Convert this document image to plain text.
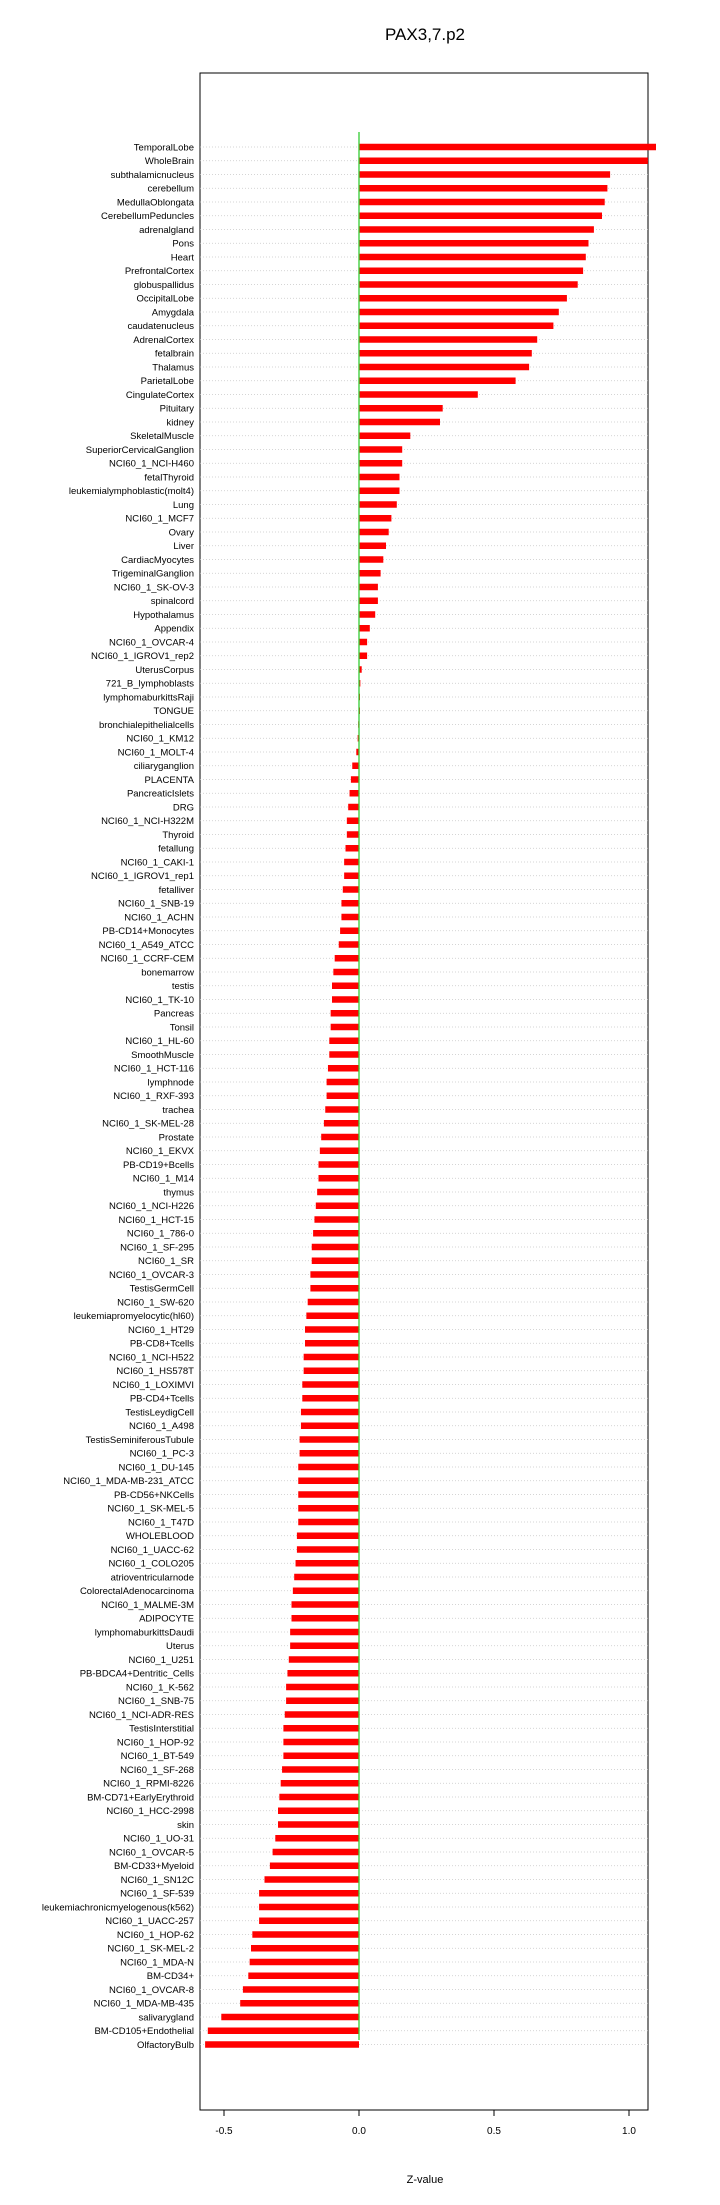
PAX3,7.p2
TemporalLobe
WholeBrain
subthalamicnucleus
cerebellum
MedullaOblongata
CerebellumPeduncles
adrenalgland
Pons
Heart
PrefrontalCortex
globuspallidus
OccipitalLobe
Amygdala
caudatenucleus
AdrenalCortex
fetalbrain
Thalamus
ParietalLobe
CingulateCortex
Pituitary
kidney
SkeletalMuscle
SuperiorCervicalGanglion
NCI60_1_NCI-H460
fetalThyroid
leukemialymphoblastic(molt4)
Lung
NCI60_1_MCF7
Ovary
Liver
CardiacMyocytes
TrigeminalGanglion
NCI60_1_SK-OV-3
spinalcord
Hypothalamus
Appendix
NCI60_1_OVCAR-4
NCI60_1_IGROV1_rep2
UterusCorpus
721_B_lymphoblasts
lymphomaburkittsRaji
TONGUE
bronchialepithelialcells
NCI60_1_KM12
NCI60_1_MOLT-4
ciliaryganglion
PLACENTA
PancreaticIslets
DRG
NCI60_1_NCI-H322M
Thyroid
fetallung
NCI60_1_CAKI-1
NCI60_1_IGROV1_rep1
fetalliver
NCI60_1_SNB-19
NCI60_1_ACHN
PB-CD14+Monocytes
NCI60_1_A549_ATCC
NCI60_1_CCRF-CEM
bonemarrow
testis
NCI60_1_TK-10
Pancreas
Tonsil
NCI60_1_HL-60
SmoothMuscle
NCI60_1_HCT-116
lymphnode
NCI60_1_RXF-393
trachea
NCI60_1_SK-MEL-28
Prostate
NCI60_1_EKVX
PB-CD19+Bcells
NCI60_1_M14
thymus
NCI60_1_NCI-H226
NCI60_1_HCT-15
NCI60_1_786-0
NCI60_1_SF-295
NCI60_1_SR
NCI60_1_OVCAR-3
TestisGermCell
NCI60_1_SW-620
leukemiapromyelocytic(hl60)
NCI60_1_HT29
PB-CD8+Tcells
NCI60_1_NCI-H522
NCI60_1_HS578T
NCI60_1_LOXIMVI
PB-CD4+Tcells
TestisLeydigCell
NCI60_1_A498
TestisSeminiferousTubule
NCI60_1_PC-3
NCI60_1_DU-145
NCI60_1_MDA-MB-231_ATCC
PB-CD56+NKCells
NCI60_1_SK-MEL-5
NCI60_1_T47D
WHOLEBLOOD
NCI60_1_UACC-62
NCI60_1_COLO205
atrioventricularnode
ColorectalAdenocarcinoma
NCI60_1_MALME-3M
ADIPOCYTE
lymphomaburkittsDaudi
Uterus
NCI60_1_U251
PB-BDCA4+Dentritic_Cells
NCI60_1_K-562
NCI60_1_SNB-75
NCI60_1_NCI-ADR-RES
TestisInterstitial
NCI60_1_HOP-92
NCI60_1_BT-549
NCI60_1_SF-268
NCI60_1_RPMI-8226
BM-CD71+EarlyErythroid
NCI60_1_HCC-2998
skin
NCI60_1_UO-31
NCI60_1_OVCAR-5
BM-CD33+Myeloid
NCI60_1_SN12C
NCI60_1_SF-539
leukemiachronicmyelogenous(k562)
NCI60_1_UACC-257
NCI60_1_HOP-62
NCI60_1_SK-MEL-2
NCI60_1_MDA-N
BM-CD34+
NCI60_1_OVCAR-8
NCI60_1_MDA-MB-435
salivarygland
BM-CD105+Endothelial
OlfactoryBulb
-0.5	0.0	0.5	1.0
Z-value
